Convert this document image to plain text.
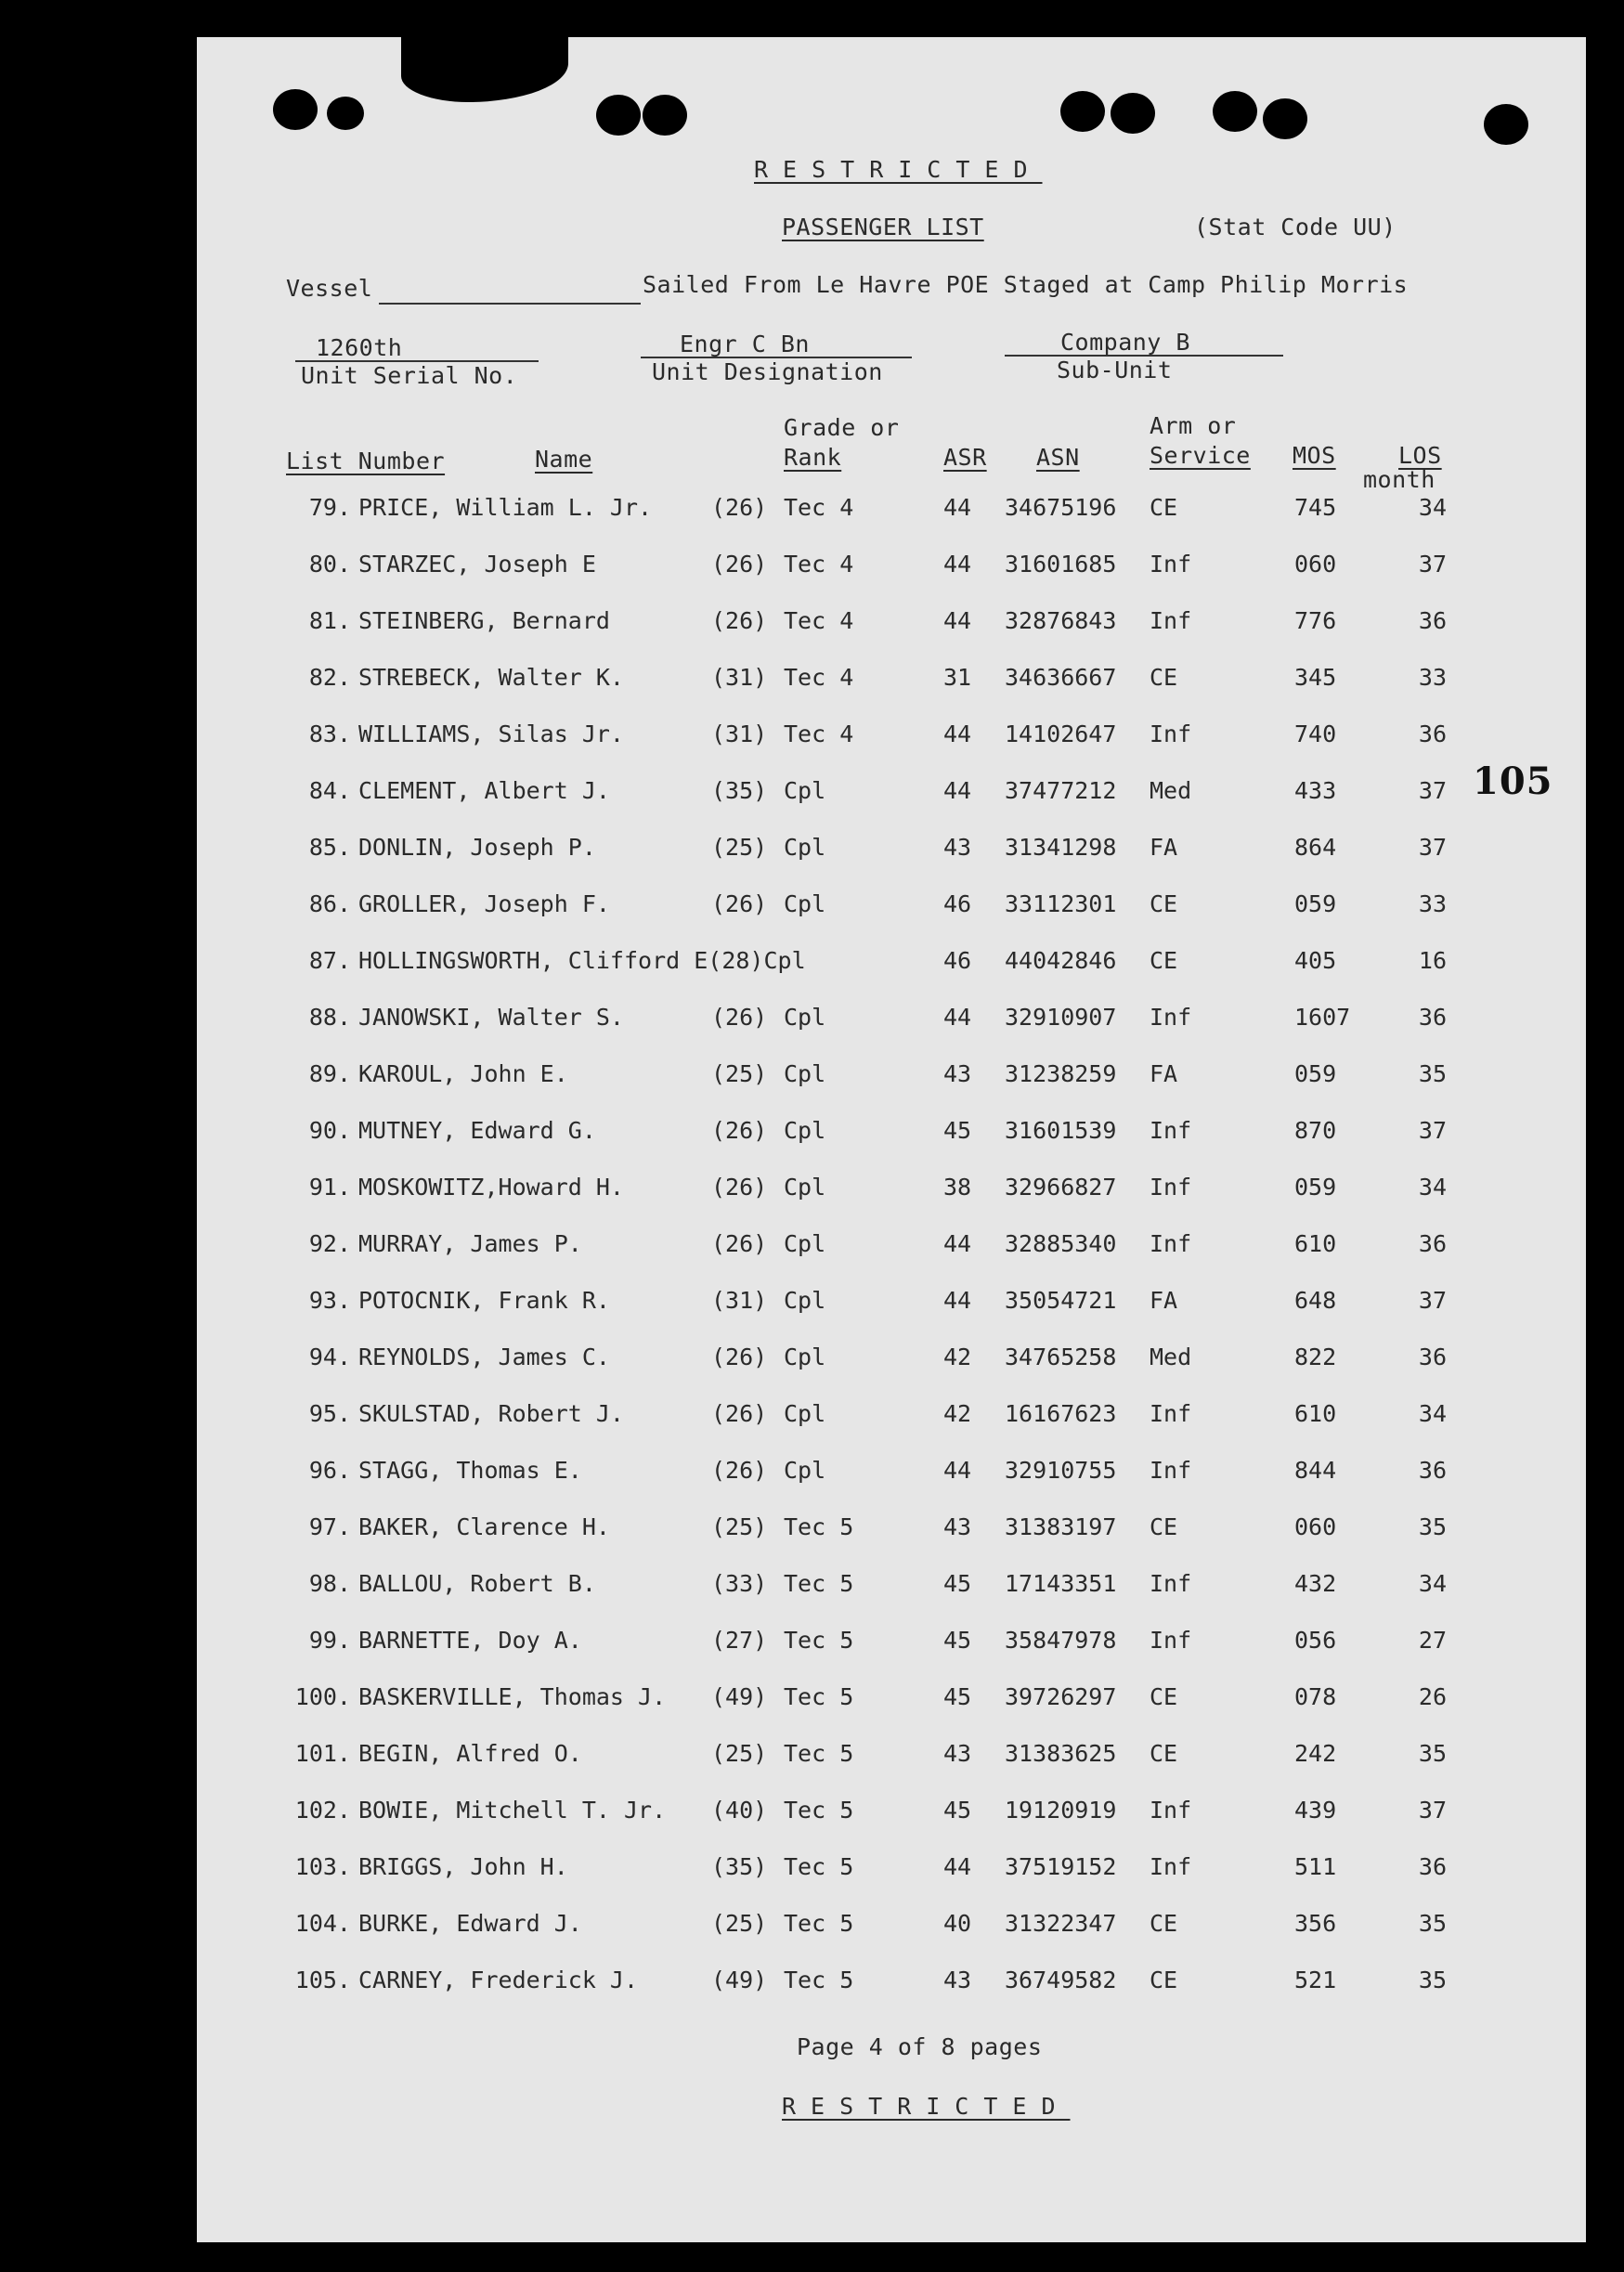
RESTRICTED
PASSENGER LIST	(Stat Code UU)
Vessel	Sailed From Le Havre POE Staged at Camp Philip Morris
1260th
Unit Serial No.
Engr C Bn
Unit Designation
Company B
Sub-Unit
List Number	Name
Grade or
Rank	ASR ASN
Arm or
Service MOS	LOS
month
79. PRICE, William L. Jr.	(26) Tec 4	44 34675196 CE	745	34
80. STARZEC, Joseph E	(26) Tec 4	44 31601685 Inf	060	37
81. STEINBERG, Bernard	(26) Tec 4	44 32876843 Inf	776	36
82. STREBECK, Walter K.	(31) Tec 4	31 34636667 CE	345	33
83. WILLIAMS, Silas Jr.	(31) Tec 4	44 14102647 Inf	740	36
84. CLEMENT, Albert J.	(35) Cpl	44 37477212 Med	433	37
85. DONLIN, Joseph P.	(25) Cpl	43 31341298 FA	864	37
86. GROLLER, Joseph F.	(26) Cpl	46 33112301 CE	059	33
87. HOLLINGSWORTH, Clifford E(28)Cpl	46 44042846 CE	405	16
88. JANOWSKI, Walter S.	(26) Cpl	44 32910907 Inf	1607	36
89. KAROUL, John E.	(25) Cpl	43 31238259 FA	059	35
90. MUTNEY, Edward G.	(26) Cpl	45 31601539 Inf	870	37
91. MOSKOWITZ,Howard H.	(26) Cpl	38 32966827 Inf	059	34
92. MURRAY, James P.	(26) Cpl	44 32885340 Inf	610	36
93. POTOCNIK, Frank R.	(31) Cpl	44 35054721 FA	648	37
94. REYNOLDS, James C.	(26) Cpl	42 34765258 Med	822	36
95. SKULSTAD, Robert J.	(26) Cpl	42 16167623 Inf	610	34
96. STAGG, Thomas E.	(26) Cpl	44 32910755 Inf	844	36
97. BAKER, Clarence H.	(25) Tec 5	43 31383197 CE	060	35
98. BALLOU, Robert B.	(33) Tec 5	45 17143351 Inf	432	34
99. BARNETTE, Doy A.	(27) Tec 5	45 35847978 Inf	056	27
100. BASKERVILLE, Thomas J. (49) Tec 5	45 39726297 CE	078	26
101. BEGIN, Alfred O.	(25) Tec 5	43 31383625 CE	242	35
102. BOWIE, Mitchell T. Jr. (40) Tec 5	45 19120919 Inf	439	37
103. BRIGGS, John H.	(35) Tec 5	44 37519152 Inf	511	36
104. BURKE, Edward J.	(25) Tec 5	40 31322347 CE	356	35
105. CARNEY, Frederick J.	(49) Tec 5	43 36749582 CE	521	35
Page 4 of 8 pages
RESTRICTED
105
